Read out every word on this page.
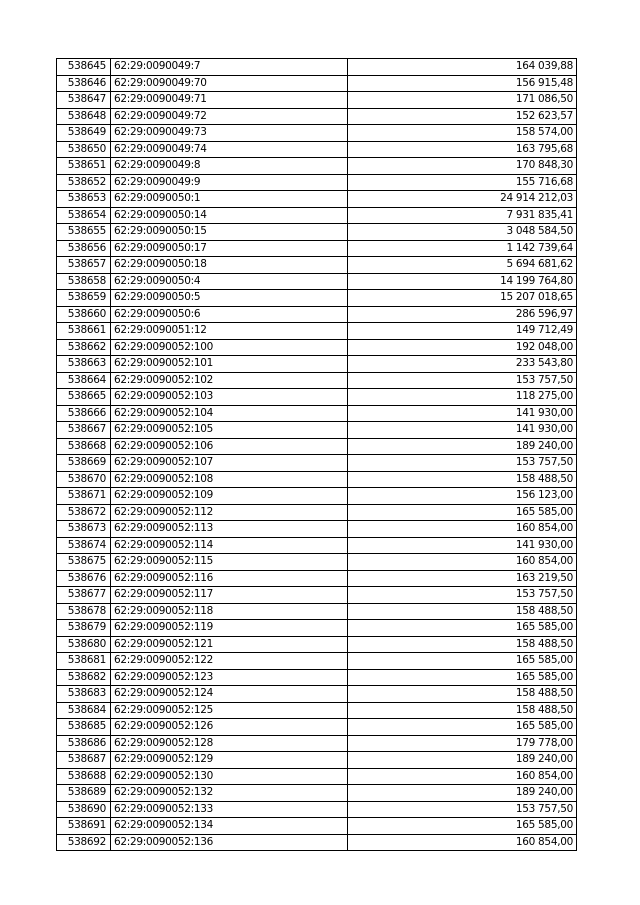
538645	62:29:0090049:7	164 039,88
538646	62:29:0090049:70	156 915,48
538647	62:29:0090049:71	171 086,50
538648	62:29:0090049:72	152 623,57
538649	62:29:0090049:73	158 574,00
538650	62:29:0090049:74	163 795,68
538651	62:29:0090049:8	170 848,30
538652	62:29:0090049:9	155 716,68
538653	62:29:0090050:1	24 914 212,03
538654	62:29:0090050:14	7 931 835,41
538655	62:29:0090050:15	3 048 584,50
538656	62:29:0090050:17	1 142 739,64
538657	62:29:0090050:18	5 694 681,62
538658	62:29:0090050:4	14 199 764,80
538659	62:29:0090050:5	15 207 018,65
538660	62:29:0090050:6	286 596,97
538661	62:29:0090051:12	149 712,49
538662	62:29:0090052:100	192 048,00
538663	62:29:0090052:101	233 543,80
538664	62:29:0090052:102	153 757,50
538665	62:29:0090052:103	118 275,00
538666	62:29:0090052:104	141 930,00
538667	62:29:0090052:105	141 930,00
538668	62:29:0090052:106	189 240,00
538669	62:29:0090052:107	153 757,50
538670	62:29:0090052:108	158 488,50
538671	62:29:0090052:109	156 123,00
538672	62:29:0090052:112	165 585,00
538673	62:29:0090052:113	160 854,00
538674	62:29:0090052:114	141 930,00
538675	62:29:0090052:115	160 854,00
538676	62:29:0090052:116	163 219,50
538677	62:29:0090052:117	153 757,50
538678	62:29:0090052:118	158 488,50
538679	62:29:0090052:119	165 585,00
538680	62:29:0090052:121	158 488,50
538681	62:29:0090052:122	165 585,00
538682	62:29:0090052:123	165 585,00
538683	62:29:0090052:124	158 488,50
538684	62:29:0090052:125	158 488,50
538685	62:29:0090052:126	165 585,00
538686	62:29:0090052:128	179 778,00
538687	62:29:0090052:129	189 240,00
538688	62:29:0090052:130	160 854,00
538689	62:29:0090052:132	189 240,00
538690	62:29:0090052:133	153 757,50
538691	62:29:0090052:134	165 585,00
538692	62:29:0090052:136	160 854,00
